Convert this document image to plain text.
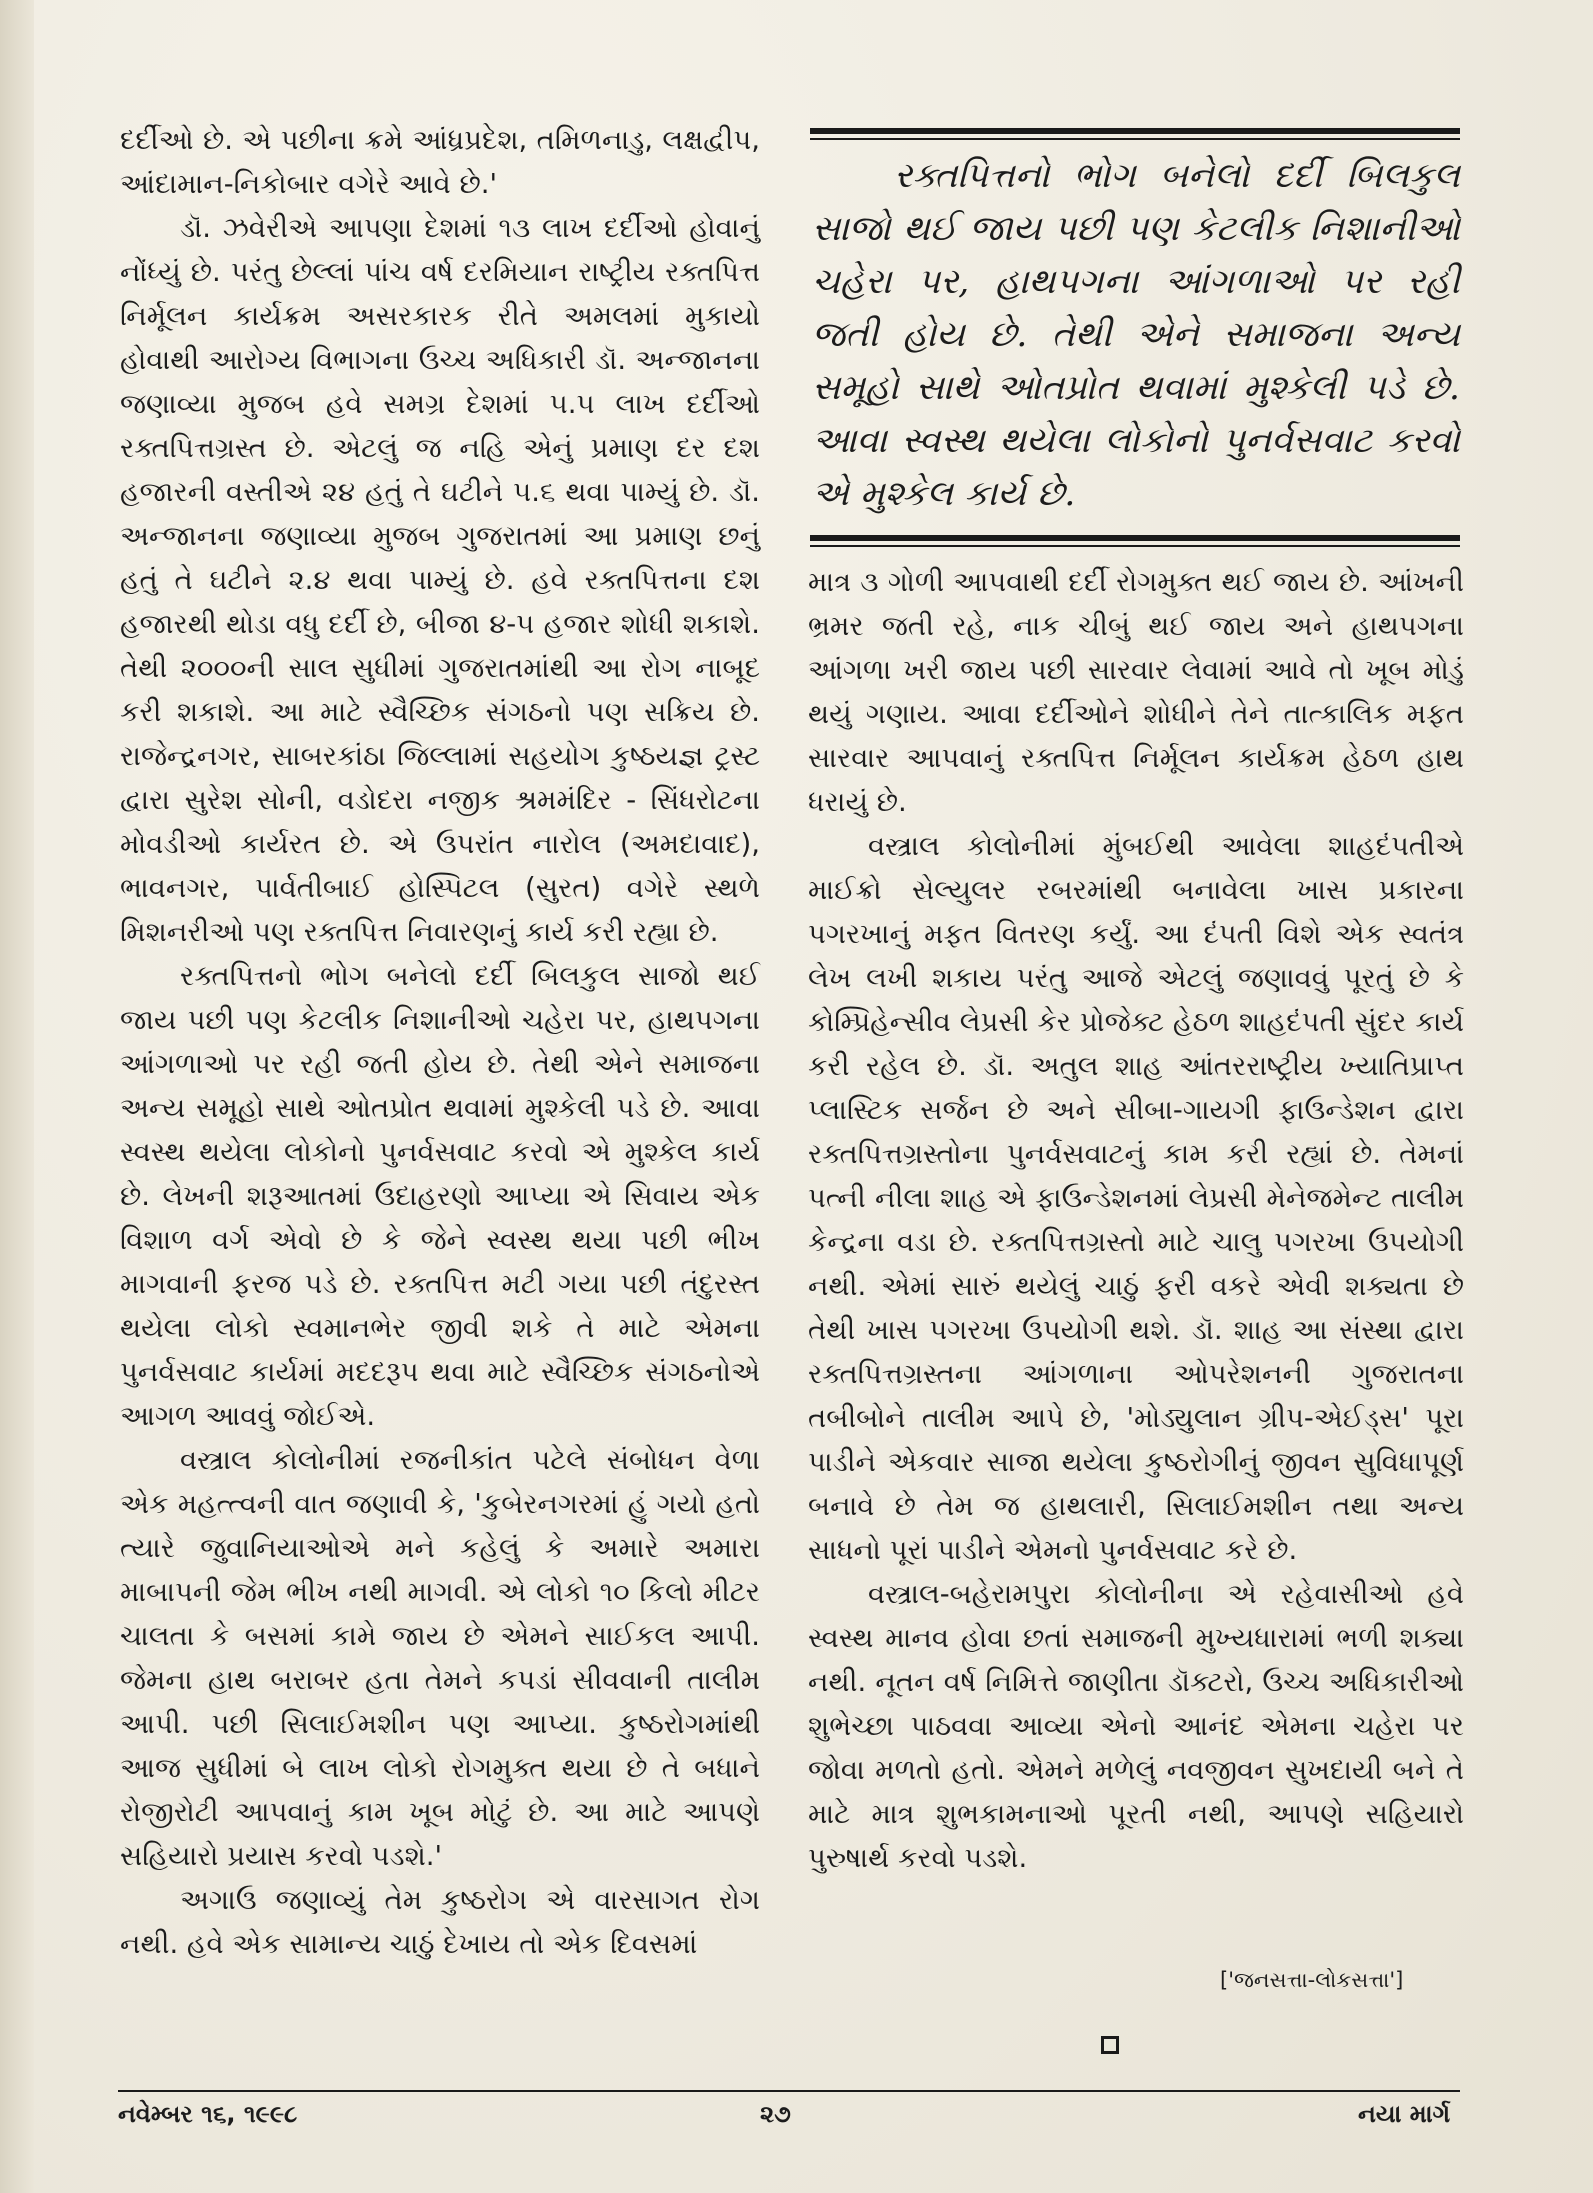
દર્દીઓ છે. એ પછીના ક્રમે આંધ્રપ્રદેશ, તમિળનાડુ, લક્ષદ્વીપ, આંદામાન-નિકોબાર વગેરે આવે છે.'

ડૉ. ઝવેરીએ આપણા દેશમાં ૧૩ લાખ દર્દીઓ હોવાનું નોંધ્યું છે. પરંતુ છેલ્લાં પાંચ વર્ષ દરમિયાન રાષ્ટ્રીય રક્તપિત્ત નિર્મૂલન કાર્યક્રમ અસરકારક રીતે અમલમાં મુકાયો હોવાથી આરોગ્ય વિભાગના ઉચ્ચ અધિકારી ડૉ. અન્જાનના જણાવ્યા મુજબ હવે સમગ્ર દેશમાં ૫.૫ લાખ દર્દીઓ રક્તપિત્તગ્રસ્ત છે. એટલું જ નહિ એનું પ્રમાણ દર દશ હજારની વસ્તીએ ૨૪ હતું તે ઘટીને ૫.૬ થવા પામ્યું છે. ડૉ. અન્જાનના જણાવ્યા મુજબ ગુજરાતમાં આ પ્રમાણ છનું હતું તે ઘટીને ૨.૪ થવા પામ્યું છે. હવે રક્તપિત્તના દશ હજારથી થોડા વધુ દર્દી છે, બીજા ૪-૫ હજાર શોધી શકાશે. તેથી ૨૦૦૦ની સાલ સુધીમાં ગુજરાતમાંથી આ રોગ નાબૂદ કરી શકાશે. આ માટે સ્વૈચ્છિક સંગઠનો પણ સક્રિય છે. રાજેન્દ્રનગર, સાબરકાંઠા જિલ્લામાં સહયોગ કુષ્ઠયજ્ઞ ટ્રસ્ટ દ્વારા સુરેશ સોની, વડોદરા નજીક શ્રમમંદિર - સિંધરોટના મોવડીઓ કાર્યરત છે. એ ઉપરાંત નારોલ (અમદાવાદ), ભાવનગર, પાર્વતીબાઈ હોસ્પિટલ (સુરત) વગેરે સ્થળે મિશનરીઓ પણ રક્તપિત્ત નિવારણનું કાર્ય કરી રહ્યા છે.

રક્તપિત્તનો ભોગ બનેલો દર્દી બિલકુલ સાજો થઈ જાય પછી પણ કેટલીક નિશાનીઓ ચહેરા પર, હાથપગના આંગળાઓ પર રહી જતી હોય છે. તેથી એને સમાજના અન્ય સમૂહો સાથે ઓતપ્રોત થવામાં મુશ્કેલી પડે છે. આવા સ્વસ્થ થયેલા લોકોનો પુનર્વસવાટ કરવો એ મુશ્કેલ કાર્ય છે. લેખની શરૂઆતમાં ઉદાહરણો આપ્યા એ સિવાય એક વિશાળ વર્ગ એવો છે કે જેને સ્વસ્થ થયા પછી ભીખ માગવાની ફરજ પડે છે. રક્તપિત્ત મટી ગયા પછી તંદુરસ્ત થયેલા લોકો સ્વમાનભેર જીવી શકે તે માટે એમના પુનર્વસવાટ કાર્યમાં મદદરૂપ થવા માટે સ્વૈચ્છિક સંગઠનોએ આગળ આવવું જોઈએ.

વસ્ત્રાલ કોલોનીમાં રજનીકાંત પટેલે સંબોધન વેળા એક મહત્ત્વની વાત જણાવી કે, 'કુબેરનગરમાં હું ગયો હતો ત્યારે જુવાનિયાઓએ મને કહેલું કે અમારે અમારા માબાપની જેમ ભીખ નથી માગવી. એ લોકો ૧૦ કિલો મીટર ચાલતા કે બસમાં કામે જાય છે એમને સાઈકલ આપી. જેમના હાથ બરાબર હતા તેમને કપડાં સીવવાની તાલીમ આપી. પછી સિલાઈમશીન પણ આપ્યા. કુષ્ઠરોગમાંથી આજ સુધીમાં બે લાખ લોકો રોગમુક્ત થયા છે તે બધાને રોજીરોટી આપવાનું કામ ખૂબ મોટું છે. આ માટે આપણે સહિયારો પ્રયાસ કરવો પડશે.'

અગાઉ જણાવ્યું તેમ કુષ્ઠરોગ એ વારસાગત રોગ નથી. હવે એક સામાન્ય ચાઠું દેખાય તો એક દિવસમાં

રક્તપિત્તનો ભોગ બનેલો દર્દી બિલકુલ સાજો થઈ જાય પછી પણ કેટલીક નિશાનીઓ ચહેરા પર, હાથપગના આંગળાઓ પર રહી જતી હોય છે. તેથી એને સમાજના અન્ય સમૂહો સાથે ઓતપ્રોત થવામાં મુશ્કેલી પડે છે. આવા સ્વસ્થ થયેલા લોકોનો પુનર્વસવાટ કરવો એ મુશ્કેલ કાર્ય છે.

માત્ર ૩ ગોળી આપવાથી દર્દી રોગમુક્ત થઈ જાય છે. આંખની ભ્રમર જતી રહે, નાક ચીબું થઈ જાય અને હાથપગના આંગળા ખરી જાય પછી સારવાર લેવામાં આવે તો ખૂબ મોડું થયું ગણાય. આવા દર્દીઓને શોધીને તેને તાત્કાલિક મફત સારવાર આપવાનું રક્તપિત્ત નિર્મૂલન કાર્યક્રમ હેઠળ હાથ ધરાયું છે.

વસ્ત્રાલ કોલોનીમાં મુંબઈથી આવેલા શાહદંપતીએ માઈક્રો સેલ્યુલર રબરમાંથી બનાવેલા ખાસ પ્રકારના પગરખાનું મફત વિતરણ કર્યું. આ દંપતી વિશે એક સ્વતંત્ર લેખ લખી શકાય પરંતુ આજે એટલું જણાવવું પૂરતું છે કે કોમ્પ્રિહેન્સીવ લેપ્રસી કેર પ્રોજેક્ટ હેઠળ શાહદંપતી સુંદર કાર્ય કરી રહેલ છે. ડૉ. અતુલ શાહ આંતરરાષ્ટ્રીય ખ્યાતિપ્રાપ્ત પ્લાસ્ટિક સર્જન છે અને સીબા-ગાયગી ફાઉન્ડેશન દ્વારા રક્તપિત્તગ્રસ્તોના પુનર્વસવાટનું કામ કરી રહ્યાં છે. તેમનાં પત્ની નીલા શાહ એ ફાઉન્ડેશનમાં લેપ્રસી મેનેજમેન્ટ તાલીમ કેન્દ્રના વડા છે. રક્તપિત્તગ્રસ્તો માટે ચાલુ પગરખા ઉપયોગી નથી. એમાં સારું થયેલું ચાઠું ફરી વકરે એવી શક્યતા છે તેથી ખાસ પગરખા ઉપયોગી થશે. ડૉ. શાહ આ સંસ્થા દ્વારા રક્તપિત્તગ્રસ્તના આંગળાના ઓપરેશનની ગુજરાતના તબીબોને તાલીમ આપે છે, 'મોડ્યુલાન ગ્રીપ-એઈડ્સ' પૂરા પાડીને એકવાર સાજા થયેલા કુષ્ઠરોગીનું જીવન સુવિધાપૂર્ણ બનાવે છે તેમ જ હાથલારી, સિલાઈમશીન તથા અન્ય સાધનો પૂરાં પાડીને એમનો પુનર્વસવાટ કરે છે.

વસ્ત્રાલ-બહેરામપુરા કોલોનીના એ રહેવાસીઓ હવે સ્વસ્થ માનવ હોવા છતાં સમાજની મુખ્યધારામાં ભળી શક્યા નથી. નૂતન વર્ષ નિમિત્તે જાણીતા ડૉક્ટરો, ઉચ્ચ અધિકારીઓ શુભેચ્છા પાઠવવા આવ્યા એનો આનંદ એમના ચહેરા પર જોવા મળતો હતો. એમને મળેલું નવજીવન સુખદાયી બને તે માટે માત્ર શુભકામનાઓ પૂરતી નથી, આપણે સહિયારો પુરુષાર્થ કરવો પડશે.

['જનસત્તા-લોકસત્તા']
નવેમ્બર ૧૬, ૧૯૯૮	૨૭	નયા માર્ગ
